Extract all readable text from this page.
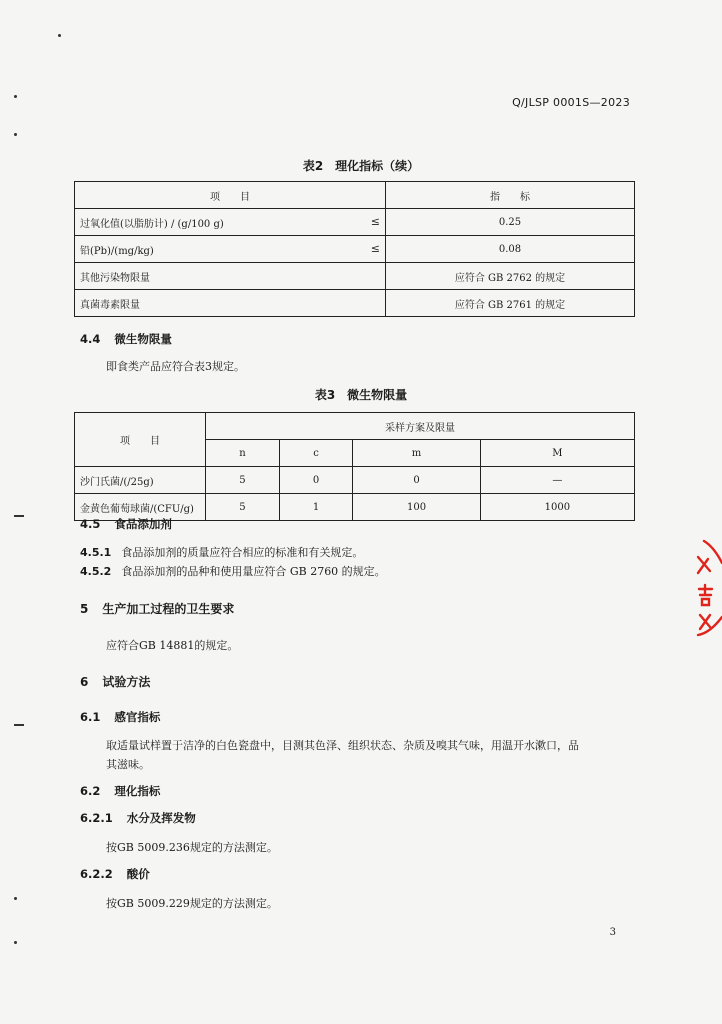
Q/JLSP 0001S—2023
表2　理化指标（续）
项　　目	指　　标
过氧化值(以脂肪计) / (g/100 g) ≤	0.25
铅(Pb)/(mg/kg) ≤	0.08
其他污染物限量	应符合 GB 2762 的规定
真菌毒素限量	应符合 GB 2761 的规定
4.4 微生物限量
即食类产品应符合表3规定。
表3　微生物限量
项　　目	采样方案及限量			
	n	c	m	M
沙门氏菌/(/25g)	5	0	0	—
金黄色葡萄球菌/(CFU/g)	5	1	100	1000
4.5 食品添加剂
4.5.1 食品添加剂的质量应符合相应的标准和有关规定。
4.5.2 食品添加剂的品种和使用量应符合 GB 2760 的规定。
5 生产加工过程的卫生要求
应符合GB 14881的规定。
6 试验方法
6.1 感官指标
取适量试样置于洁净的白色瓷盘中，目测其色泽、组织状态、杂质及嗅其气味，用温开水漱口，品
其滋味。
6.2 理化指标
6.2.1 水分及挥发物
按GB 5009.236规定的方法测定。
6.2.2 酸价
按GB 5009.229规定的方法测定。
3
